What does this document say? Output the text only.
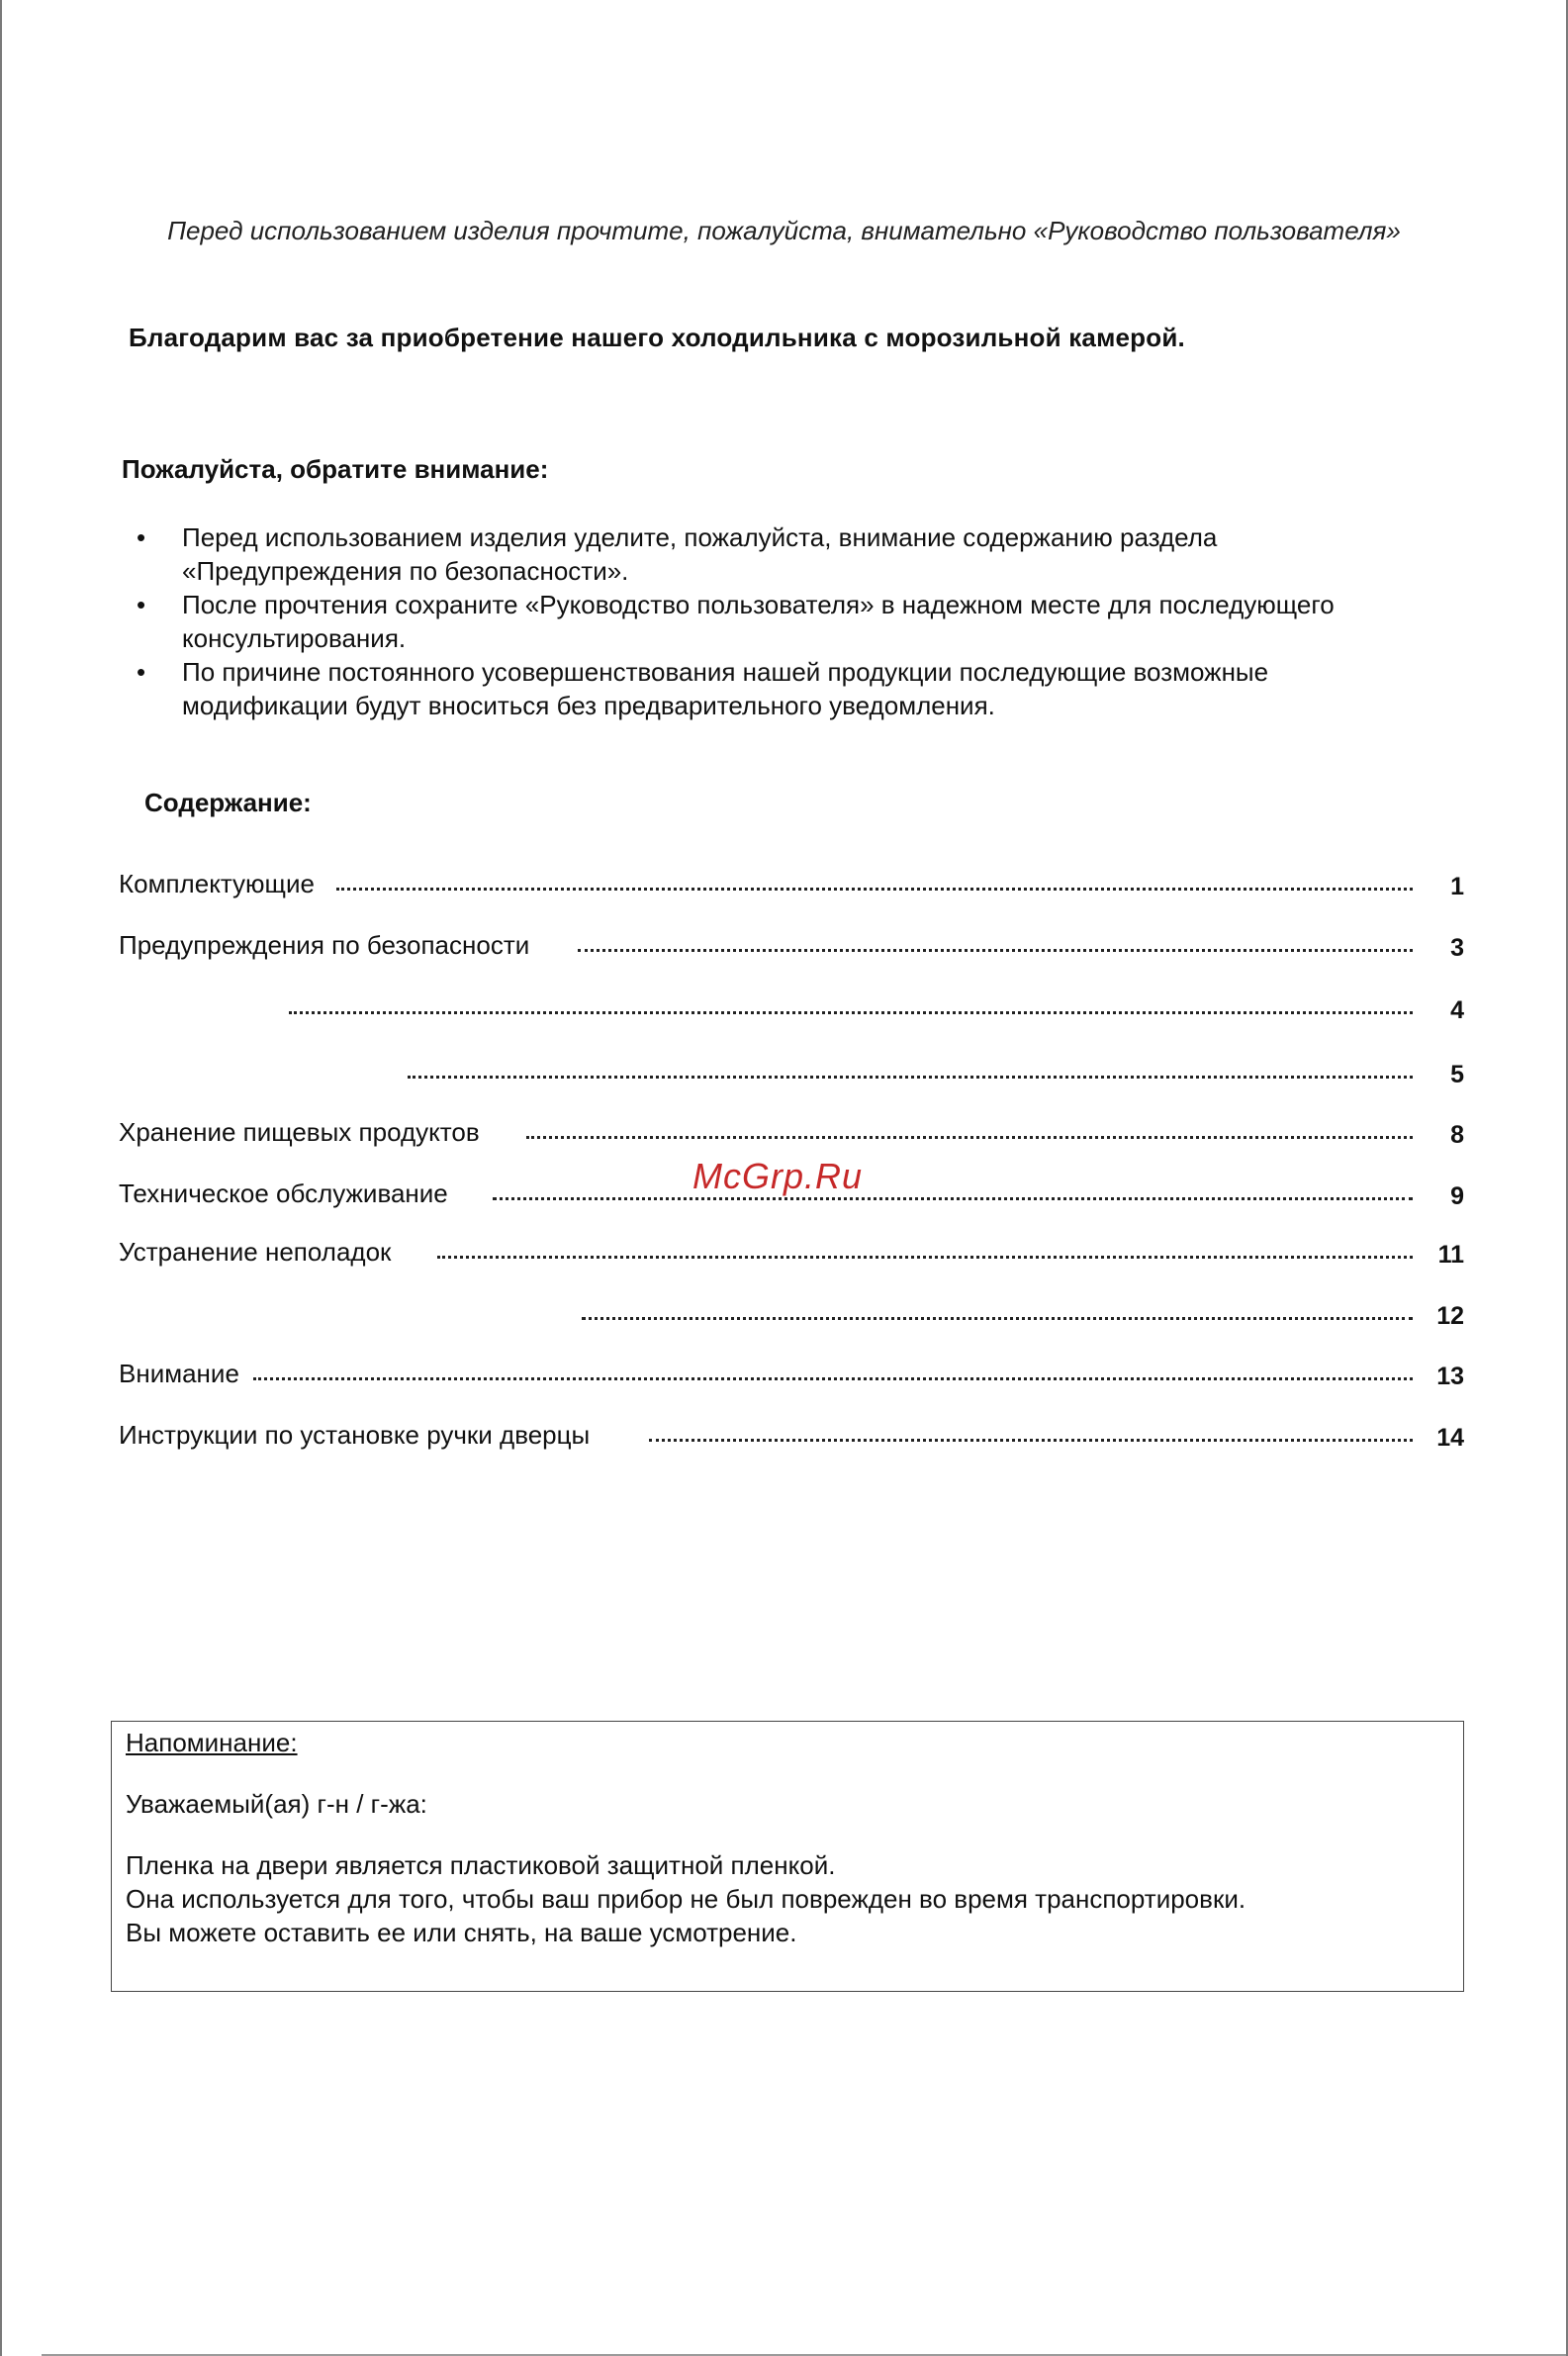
Перед использованием изделия прочтите, пожалуйста, внимательно «Руководство пользователя»
Благодарим вас за приобретение нашего холодильника с морозильной камерой.
Пожалуйста, обратите внимание:
• Перед использованием изделия уделите, пожалуйста, внимание содержанию раздела
«Предупреждения по безопасности».
• После прочтения сохраните «Руководство пользователя» в надежном месте для последующего
консультирования.
• По причине постоянного усовершенствования нашей продукции последующие возможные
модификации будут вноситься без предварительного уведомления.
Содержание:
Комплектующие	1
Предупреждения по безопасности	3
4
5
Хранение пищевых продуктов	8
Техническое обслуживание	9
Устранение неполадок	11
12
Внимание	13
Инструкции по установке ручки дверцы	14
McGrp.Ru
Напоминание:
Уважаемый(ая) г-н / г-жа:
Пленка на двери является пластиковой защитной пленкой.
Она используется для того, чтобы ваш прибор не был поврежден во время транспортировки.
Вы можете оставить ее или снять, на ваше усмотрение.
